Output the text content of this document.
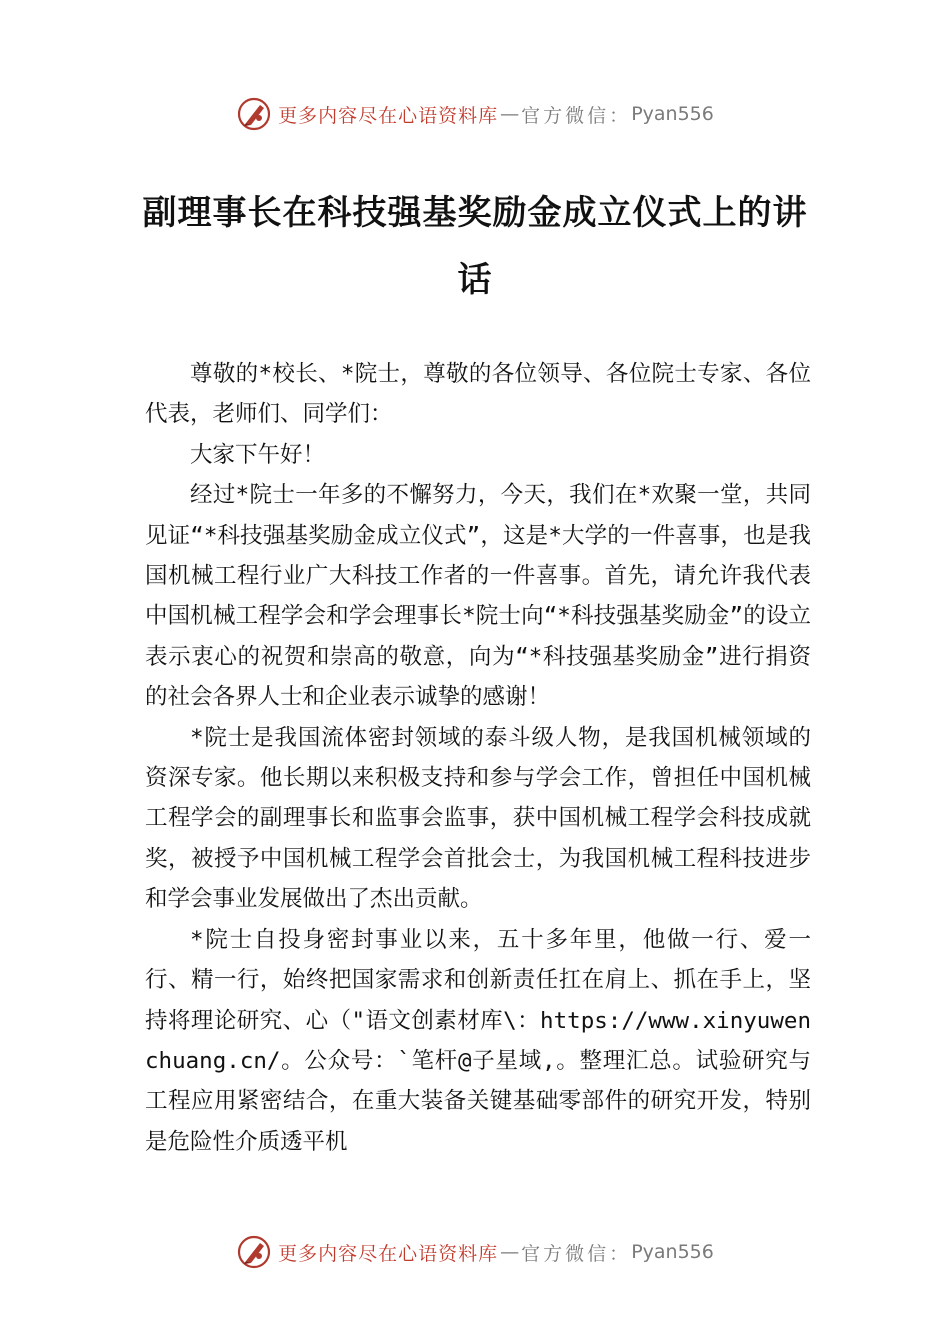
更多内容尽在心语资料库 — 官方微信： Pyan556
副理事长在科技强基奖励金成立仪式上的讲话

尊敬的*校长、*院士，尊敬的各位领导、各位院士专家、各位代表，老师们、同学们：

大家下午好！

经过*院士一年多的不懈努力，今天，我们在*欢聚一堂，共同见证“*科技强基奖励金成立仪式”，这是*大学的一件喜事，也是我国机械工程行业广大科技工作者的一件喜事。首先，请允许我代表中国机械工程学会和学会理事长*院士向“*科技强基奖励金”的设立表示衷心的祝贺和崇高的敬意，向为“*科技强基奖励金”进行捐资的社会各界人士和企业表示诚挚的感谢！

*院士是我国流体密封领域的泰斗级人物，是我国机械领域的资深专家。他长期以来积极支持和参与学会工作，曾担任中国机械工程学会的副理事长和监事会监事，获中国机械工程学会科技成就奖，被授予中国机械工程学会首批会士，为我国机械工程科技进步和学会事业发展做出了杰出贡献。

*院士自投身密封事业以来，五十多年里，他做一行、爱一行、精一行，始终把国家需求和创新责任扛在肩上、抓在手上，坚持将理论研究、心（"语文创素材库\：https://www.xinyuwenchuang.cn/。公众号：`笔杆@子星域,。整理汇总。试验研究与工程应用紧密结合，在重大装备关键基础零部件的研究开发，特别是危险性介质透平机

更多内容尽在心语资料库 — 官方微信： Pyan556
